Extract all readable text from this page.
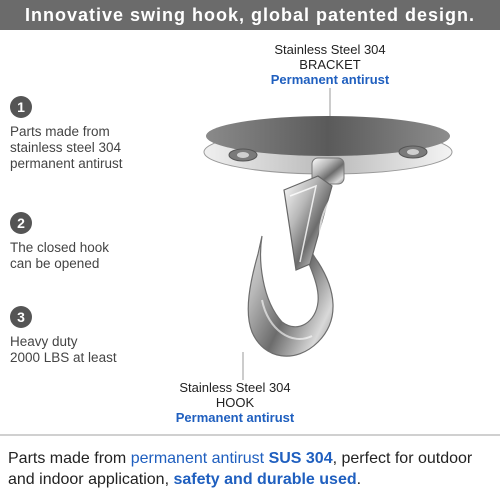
Innovative swing hook, global patented design.
Stainless Steel 304
BRACKET
Permanent antirust
Stainless Steel 304
HOOK
Permanent antirust
1
Parts made from
stainless steel 304
permanent antirust
2
The closed hook
can be opened
3
Heavy duty
2000 LBS at least
Parts made from permanent antirust SUS 304, perfect for outdoor and indoor application, safety and durable used.
